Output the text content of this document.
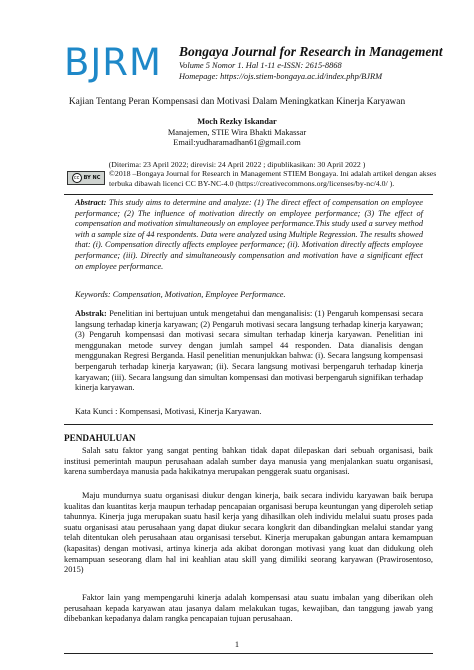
BJRM Bongaya Journal for Research in Management
Volume 5 Nomor 1. Hal 1-11 e-ISSN: 2615-8868
Homepage: https://ojs.stiem-bongaya.ac.id/index.php/BJRM
Kajian Tentang Peran Kompensasi dan Motivasi Dalam Meningkatkan Kinerja Karyawan
Moch Rezky Iskandar
Manajemen, STIE Wira Bhakti Makassar
Email:yudharamadhan61@gmail.com
(Diterima: 23 April 2022; direvisi: 24 April 2022 ; dipublikasikan: 30 April 2022 )
cc BY NC ©2018 –Bongaya Journal for Research in Management STIEM Bongaya. Ini adalah artikel dengan akses terbuka dibawah licenci CC BY-NC-4.0 (https://creativecommons.org/licenses/by-nc/4.0/ ).
Abstract: This study aims to determine and analyze: (1) The direct effect of compensation on employee performance; (2) The influence of motivation directly on employee performance; (3) The effect of compensation and motivation simultaneously on employee performance.This study used a survey method with a sample size of 44 respondents. Data were analyzed using Multiple Regression. The results showed that: (i). Compensation directly affects employee performance; (ii). Motivation directly affects employee performance; (iii). Directly and simultaneously compensation and motivation have a significant effect on employee performance.
Keywords: Compensation, Motivation, Employee Performance.
Abstrak: Penelitian ini bertujuan untuk mengetahui dan menganalisis: (1) Pengaruh kompensasi secara langsung terhadap kinerja karyawan; (2) Pengaruh motivasi secara langsung terhadap kinerja karyawan; (3) Pengaruh kompensasi dan motivasi secara simultan terhadap kinerja karyawan. Penelitian ini menggunakan metode survey dengan jumlah sampel 44 responden. Data dianalisis dengan menggunakan Regresi Berganda. Hasil penelitian menunjukkan bahwa: (i). Secara langsung kompensasi berpengaruh terhadap kinerja karyawan; (ii). Secara langsung motivasi berpengaruh terhadap kinerja karyawan; (iii). Secara langsung dan simultan kompensasi dan motivasi berpengaruh signifikan terhadap kinerja karyawan.
Kata Kunci : Kompensasi, Motivasi, Kinerja Karyawan.
PENDAHULUAN
Salah satu faktor yang sangat penting bahkan tidak dapat dilepaskan dari sebuah organisasi, baik institusi pemerintah maupun perusahaan adalah sumber daya manusia yang menjalankan suatu organisasi, karena sumberdaya manusia pada hakikatnya merupakan penggerak suatu organisasi.
Maju mundurnya suatu organisasi diukur dengan kinerja, baik secara individu karyawan baik berupa kualitas dan kuantitas kerja maupun terhadap pencapaian organisasi berupa keuntungan yang diperoleh setiap tahunnya. Kinerja juga merupakan suatu hasil kerja yang dihasilkan oleh individu melalui suatu proses pada suatu organisasi atau perusahaan yang dapat diukur secara kongkrit dan dibandingkan melalui standar yang telah ditentukan oleh perusahaan atau organisasi tersebut. Kinerja merupakan gabungan antara kemampuan (kapasitas) dengan motivasi, artinya kinerja ada akibat dorongan motivasi yang kuat dan didukung oleh kemampuan seseorang dlam hal ini keahlian atau skill yang dimiliki seorang karyawan (Prawirosentoso, 2015)
Faktor lain yang mempengaruhi kinerja adalah kompensasi atau suatu imbalan yang diberikan oleh perusahaan kepada karyawan atau jasanya dalam melakukan tugas, kewajiban, dan tanggung jawab yang dibebankan kepadanya dalam rangka pencapaian tujuan perusahaan.
1
